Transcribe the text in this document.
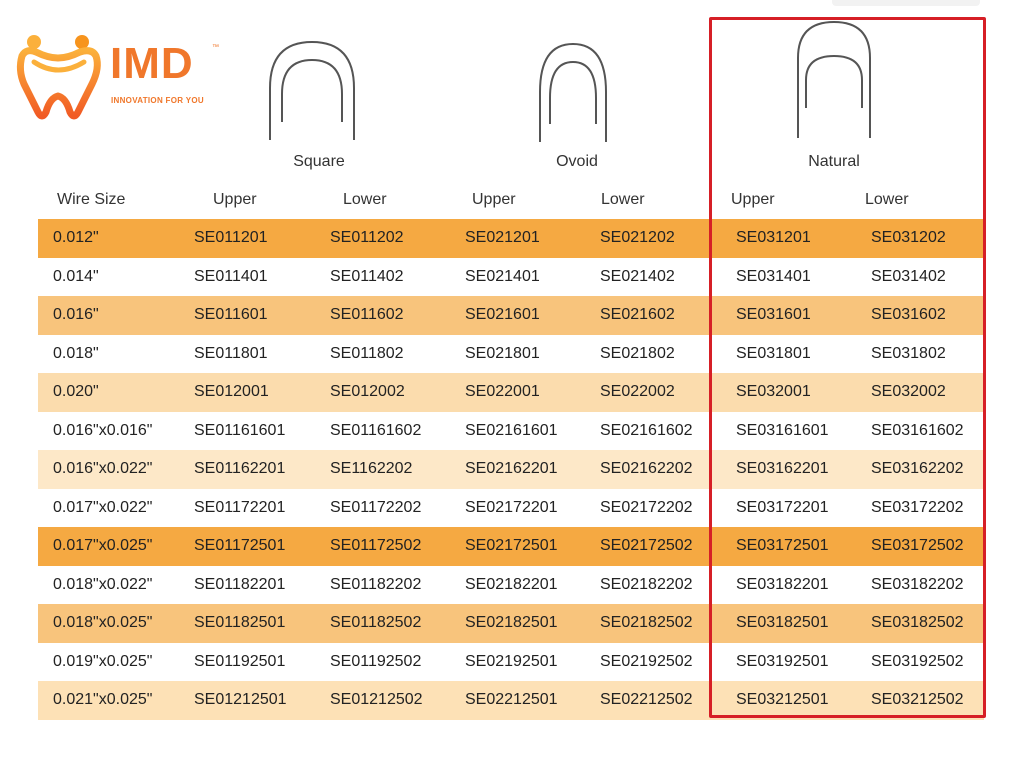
IMD	™
INNOVATION FOR YOU
Square	Ovoid	Natural
Wire Size	Upper	Lower	Upper	Lower	Upper	Lower
0.012"	SE011201	SE011202	SE021201	SE021202	SE031201	SE031202
0.014"	SE011401	SE011402	SE021401	SE021402	SE031401	SE031402
0.016"	SE011601	SE011602	SE021601	SE021602	SE031601	SE031602
0.018"	SE011801	SE011802	SE021801	SE021802	SE031801	SE031802
0.020"	SE012001	SE012002	SE022001	SE022002	SE032001	SE032002
0.016"x0.016"	SE01161601	SE01161602	SE02161601	SE02161602	SE03161601	SE03161602
0.016"x0.022"	SE01162201	SE1162202	SE02162201	SE02162202	SE03162201	SE03162202
0.017"x0.022"	SE01172201	SE01172202	SE02172201	SE02172202	SE03172201	SE03172202
0.017"x0.025"	SE01172501	SE01172502	SE02172501	SE02172502	SE03172501	SE03172502
0.018"x0.022"	SE01182201	SE01182202	SE02182201	SE02182202	SE03182201	SE03182202
0.018"x0.025"	SE01182501	SE01182502	SE02182501	SE02182502	SE03182501	SE03182502
0.019"x0.025"	SE01192501	SE01192502	SE02192501	SE02192502	SE03192501	SE03192502
0.021"x0.025"	SE01212501	SE01212502	SE02212501	SE02212502	SE03212501	SE03212502
